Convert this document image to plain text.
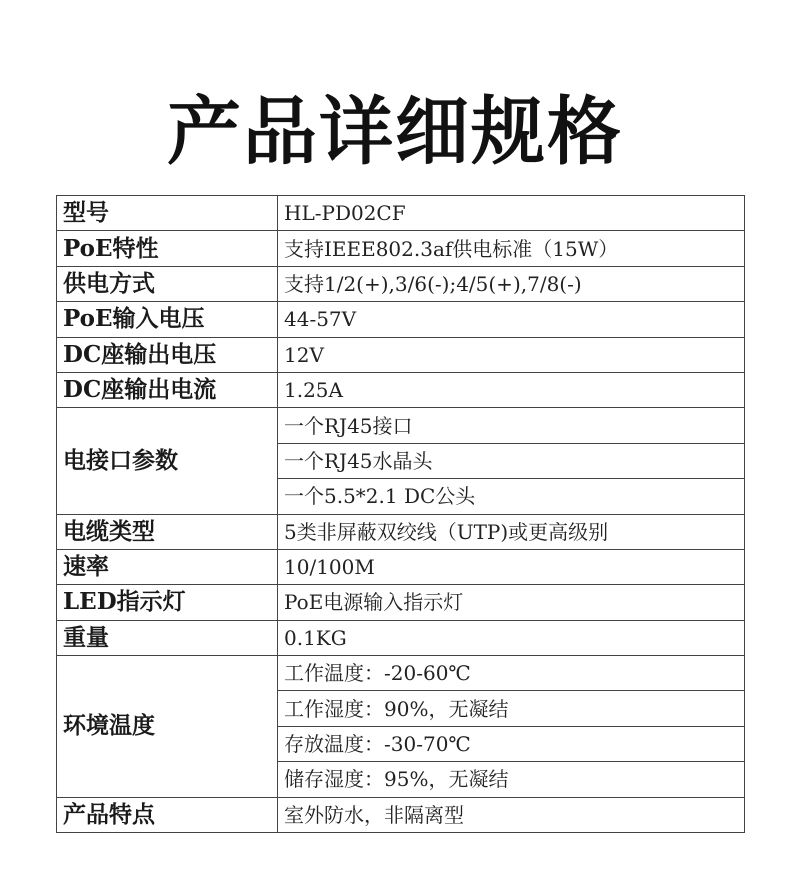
产品详细规格
型号	HL-PD02CF
PoE特性	支持IEEE802.3af供电标准（15W）
供电方式	支持1/2(+),3/6(-);4/5(+),7/8(-)
PoE输入电压	44-57V
DC座输出电压	12V
DC座输出电流	1.25A
电接口参数	一个RJ45接口
	一个RJ45水晶头
	一个5.5*2.1 DC公头
电缆类型	5类非屏蔽双绞线（UTP)或更高级别
速率	10/100M
LED指示灯	PoE电源输入指示灯
重量	0.1KG
环境温度	工作温度：-20-60℃
	工作湿度：90%，无凝结
	存放温度：-30-70℃
	储存湿度：95%，无凝结
产品特点	室外防水，非隔离型
